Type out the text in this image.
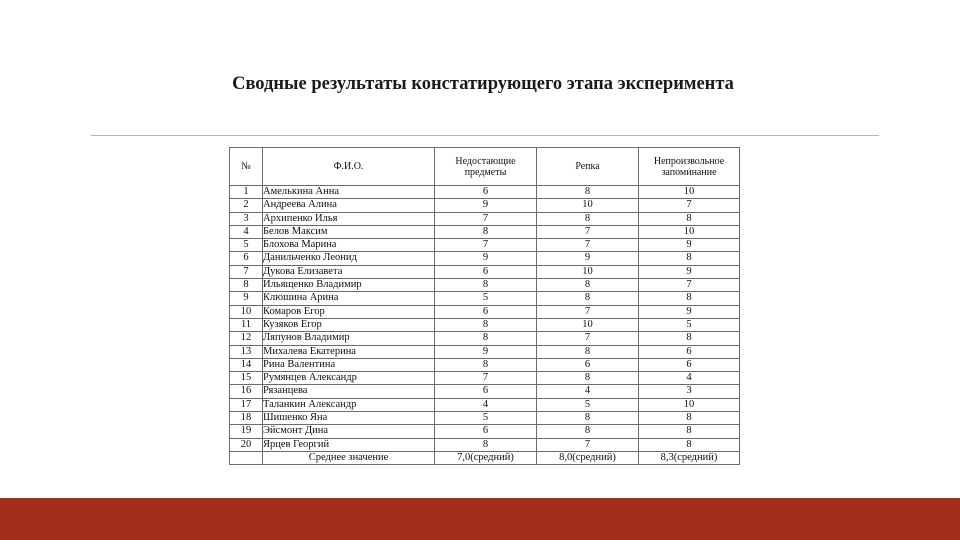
Сводные результаты констатирующего этапа эксперимента
№	Ф.И.О.	Недостающие предметы	Репка	Непроизвольное запоминание
1	Амелькина Анна	6	8	10
2	Андреева Алина	9	10	7
3	Архипенко Илья	7	8	8
4	Белов Максим	8	7	10
5	Блохова Марина	7	7	9
6	Данильченко Леонид	9	9	8
7	Дукова Елизавета	6	10	9
8	Ильященко Владимир	8	8	7
9	Клюшина Арина	5	8	8
10	Комаров Егор	6	7	9
11	Кузяков Егор	8	10	5
12	Ляпунов Владимир	8	7	8
13	Михалева Екатерина	9	8	6
14	Рина Валентина	8	6	6
15	Румянцев Александр	7	8	4
16	Рязанцева	6	4	3
17	Таланкин Александр	4	5	10
18	Шишенко Яна	5	8	8
19	Эйсмонт Дина	6	8	8
20	Ярцев Георгий	8	7	8
	Среднее значение	7,0(средний)	8,0(средний)	8,3(средний)
